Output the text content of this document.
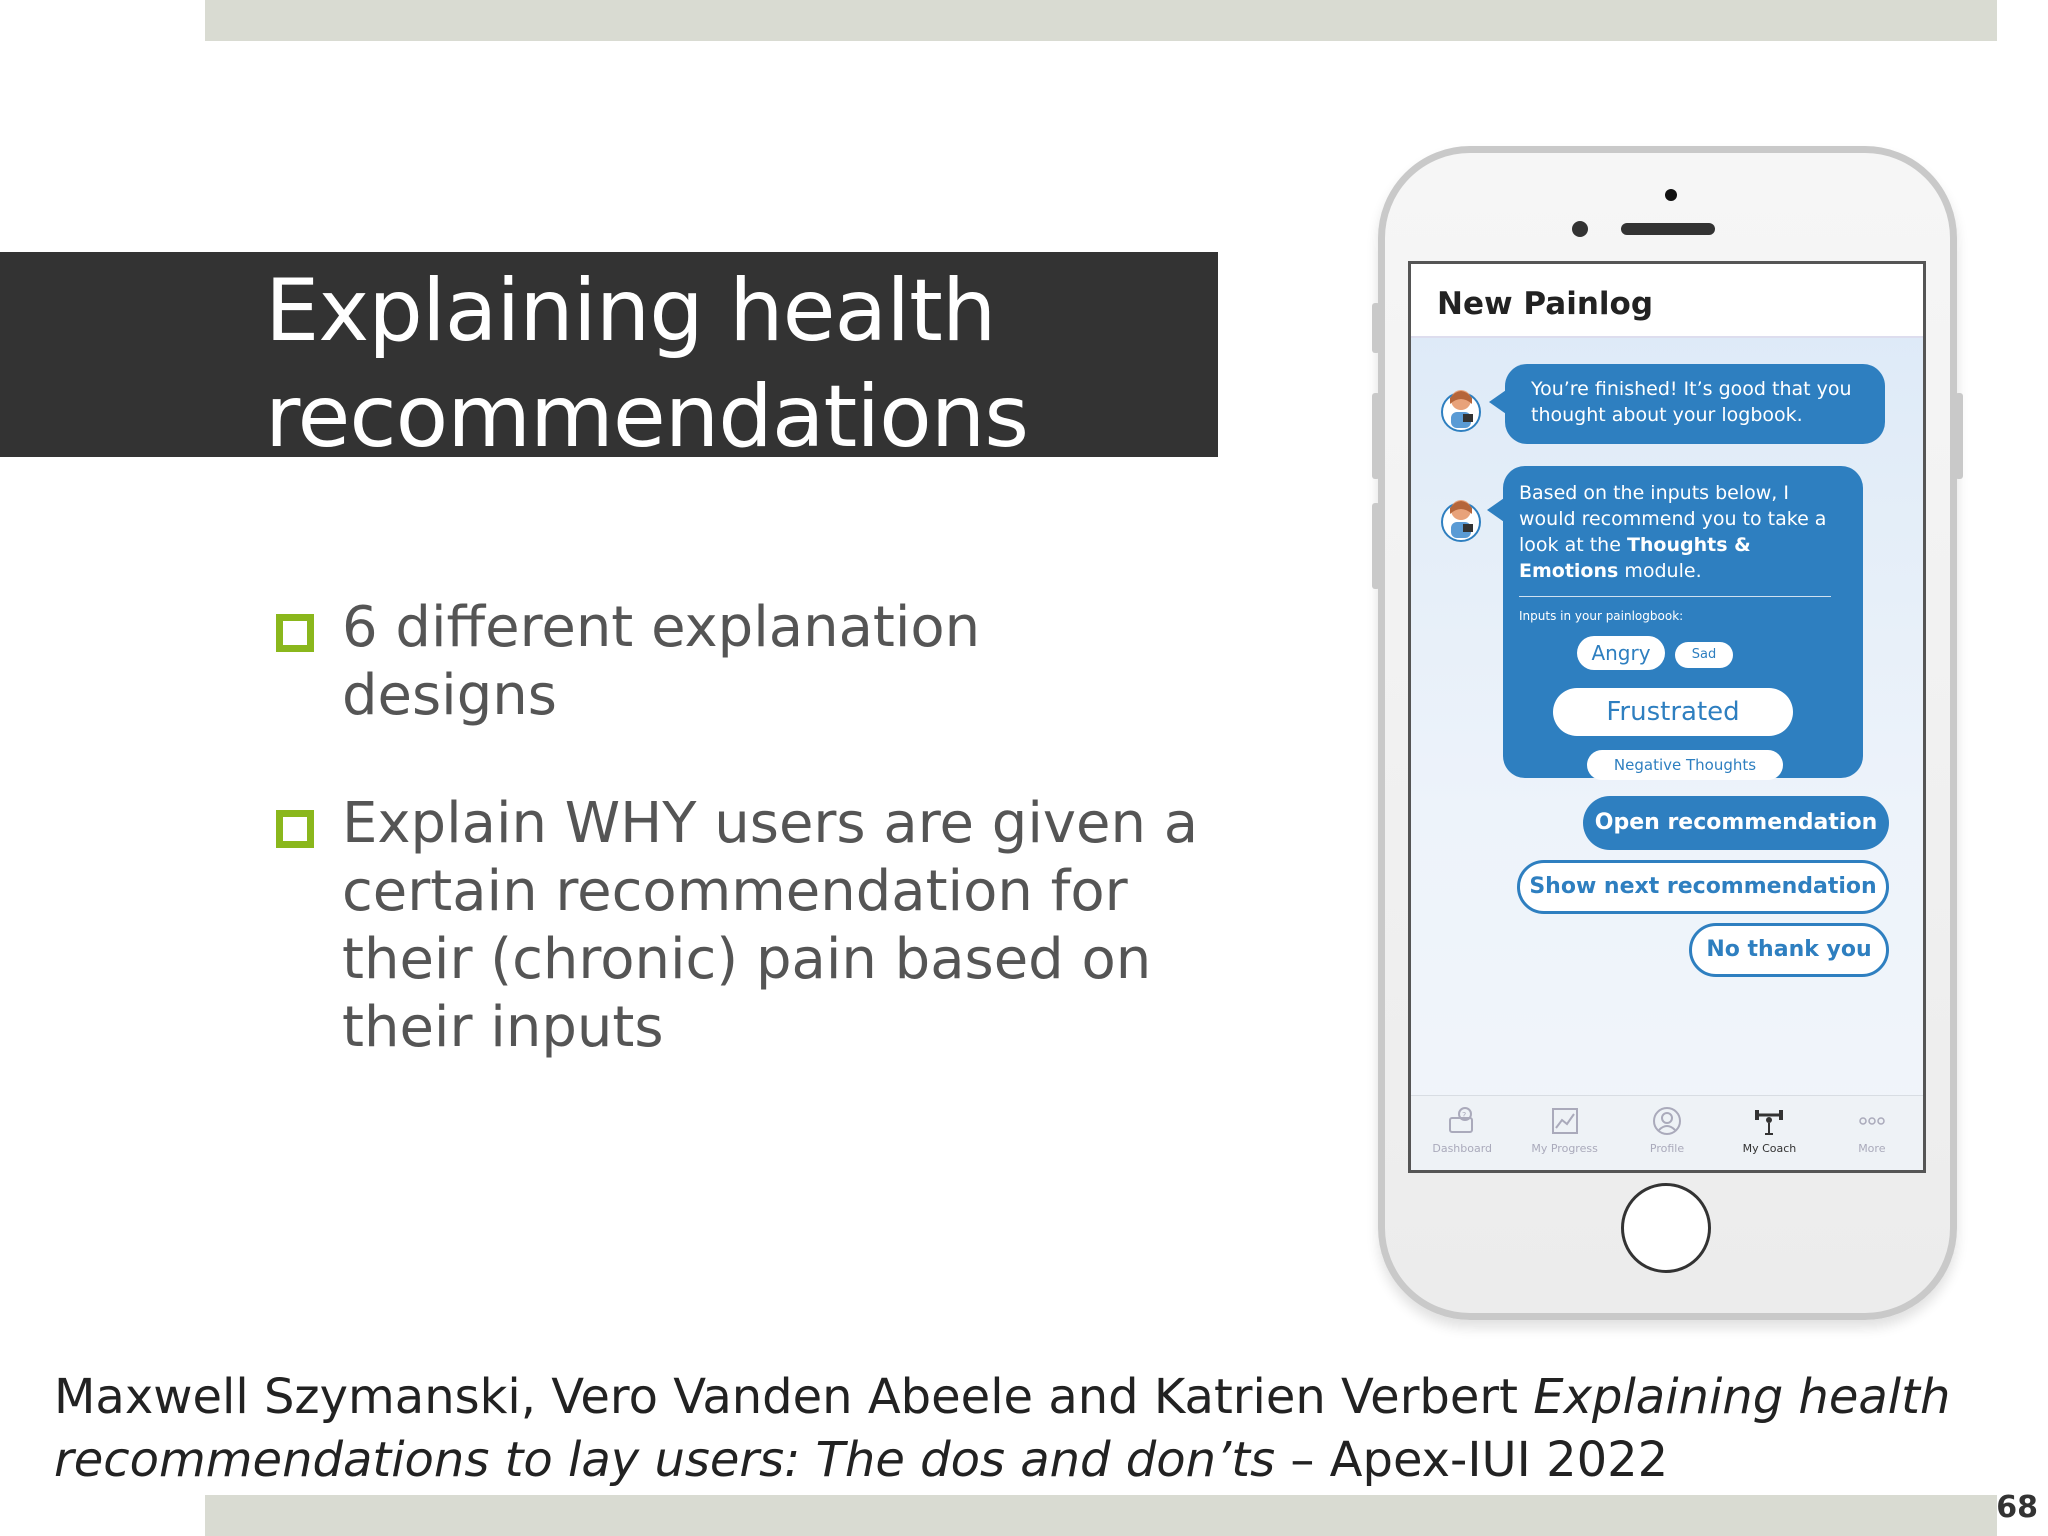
Explaining health
recommendations
6 different explanation designs
Explain WHY users are given a certain recommendation for their (chronic) pain based on their inputs
New Painlog
You’re finished! It’s good that you thought about your logbook.
Based on the inputs below, I would recommend you to take a look at the Thoughts & Emotions module.
Inputs in your painlogbook:
Angry	Sad
Frustrated
Negative Thoughts
Open recommendation
Show next recommendation
No thank you
?
Dashboard	My Progress	Profile	My Coach	More
Maxwell Szymanski, Vero Vanden Abeele and Katrien Verbert Explaining health recommendations to lay users: The dos and don’ts – Apex-IUI 2022
68
